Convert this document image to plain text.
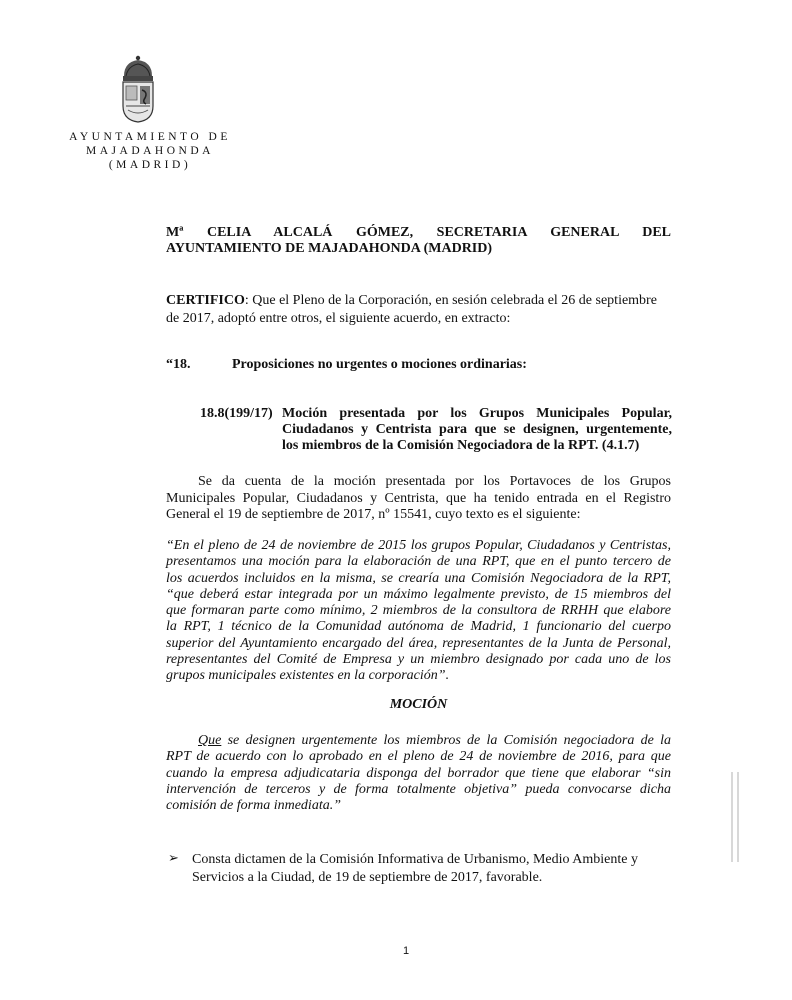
AYUNTAMIENTO DE
MAJADAHONDA
(MADRID)
Mª CELIA ALCALÁ GÓMEZ, SECRETARIA GENERAL DEL
AYUNTAMIENTO DE MAJADAHONDA (MADRID)
CERTIFICO: Que el Pleno de la Corporación, en sesión celebrada el 26 de septiembre de 2017, adoptó entre otros, el siguiente acuerdo, en extracto:
“18.	Proposiciones no urgentes o mociones ordinarias:
18.8(199/17) Moción presentada por los Grupos Municipales Popular,
Ciudadanos y Centrista para que se designen, urgentemente,
los miembros de la Comisión Negociadora de la RPT. (4.1.7)
Se da cuenta de la moción presentada por los Portavoces de los Grupos
Municipales Popular, Ciudadanos y Centrista, que ha tenido entrada en el Registro
General el 19 de septiembre de 2017, nº 15541, cuyo texto es el siguiente:
“En el pleno de 24 de noviembre de 2015 los grupos Popular, Ciudadanos y Centristas,
presentamos una moción para la elaboración de una RPT, que en el punto tercero de
los acuerdos incluidos en la misma, se crearía una Comisión Negociadora de la RPT,
“que deberá estar integrada por un máximo legalmente previsto, de 15 miembros del
que formaran parte como mínimo, 2 miembros de la consultora de RRHH que elabore
la RPT, 1 técnico de la Comunidad autónoma de Madrid, 1 funcionario del cuerpo
superior del Ayuntamiento encargado del área, representantes de la Junta de Personal,
representantes del Comité de Empresa y un miembro designado por cada uno de los
grupos municipales existentes en la corporación”.
MOCIÓN
Que se designen urgentemente los miembros de la Comisión negociadora de la
RPT de acuerdo con lo aprobado en el pleno de 24 de noviembre de 2016, para que
cuando la empresa adjudicataria disponga del borrador que tiene que elaborar “sin
intervención de terceros y de forma totalmente objetiva” pueda convocarse dicha
comisión de forma inmediata.”
➢ Consta dictamen de la Comisión Informativa de Urbanismo, Medio Ambiente y Servicios a la Ciudad, de 19 de septiembre de 2017, favorable.
1
